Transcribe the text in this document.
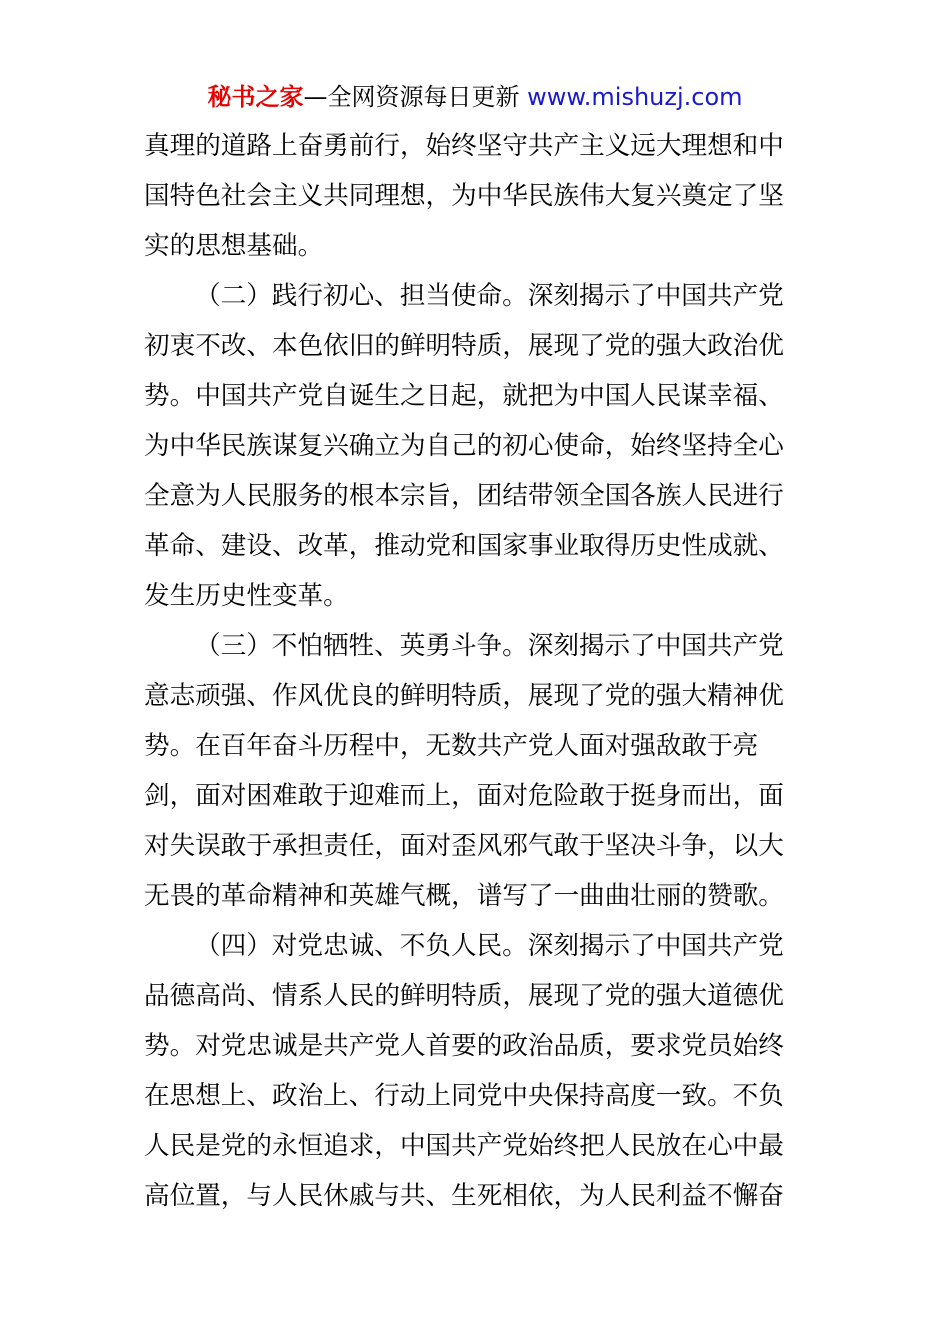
秘书之家—全网资源每日更新 www.mishuzj.com
真理的道路上奋勇前行，始终坚守共产主义远大理想和中
国特色社会主义共同理想，为中华民族伟大复兴奠定了坚
实的思想基础。
（二）践行初心、担当使命。深刻揭示了中国共产党
初衷不改、本色依旧的鲜明特质，展现了党的强大政治优
势。中国共产党自诞生之日起，就把为中国人民谋幸福、
为中华民族谋复兴确立为自己的初心使命，始终坚持全心
全意为人民服务的根本宗旨，团结带领全国各族人民进行
革命、建设、改革，推动党和国家事业取得历史性成就、
发生历史性变革。
（三）不怕牺牲、英勇斗争。深刻揭示了中国共产党
意志顽强、作风优良的鲜明特质，展现了党的强大精神优
势。在百年奋斗历程中，无数共产党人面对强敌敢于亮
剑，面对困难敢于迎难而上，面对危险敢于挺身而出，面
对失误敢于承担责任，面对歪风邪气敢于坚决斗争，以大
无畏的革命精神和英雄气概，谱写了一曲曲壮丽的赞歌。
（四）对党忠诚、不负人民。深刻揭示了中国共产党
品德高尚、情系人民的鲜明特质，展现了党的强大道德优
势。对党忠诚是共产党人首要的政治品质，要求党员始终
在思想上、政治上、行动上同党中央保持高度一致。不负
人民是党的永恒追求，中国共产党始终把人民放在心中最
高位置，与人民休戚与共、生死相依，为人民利益不懈奋
